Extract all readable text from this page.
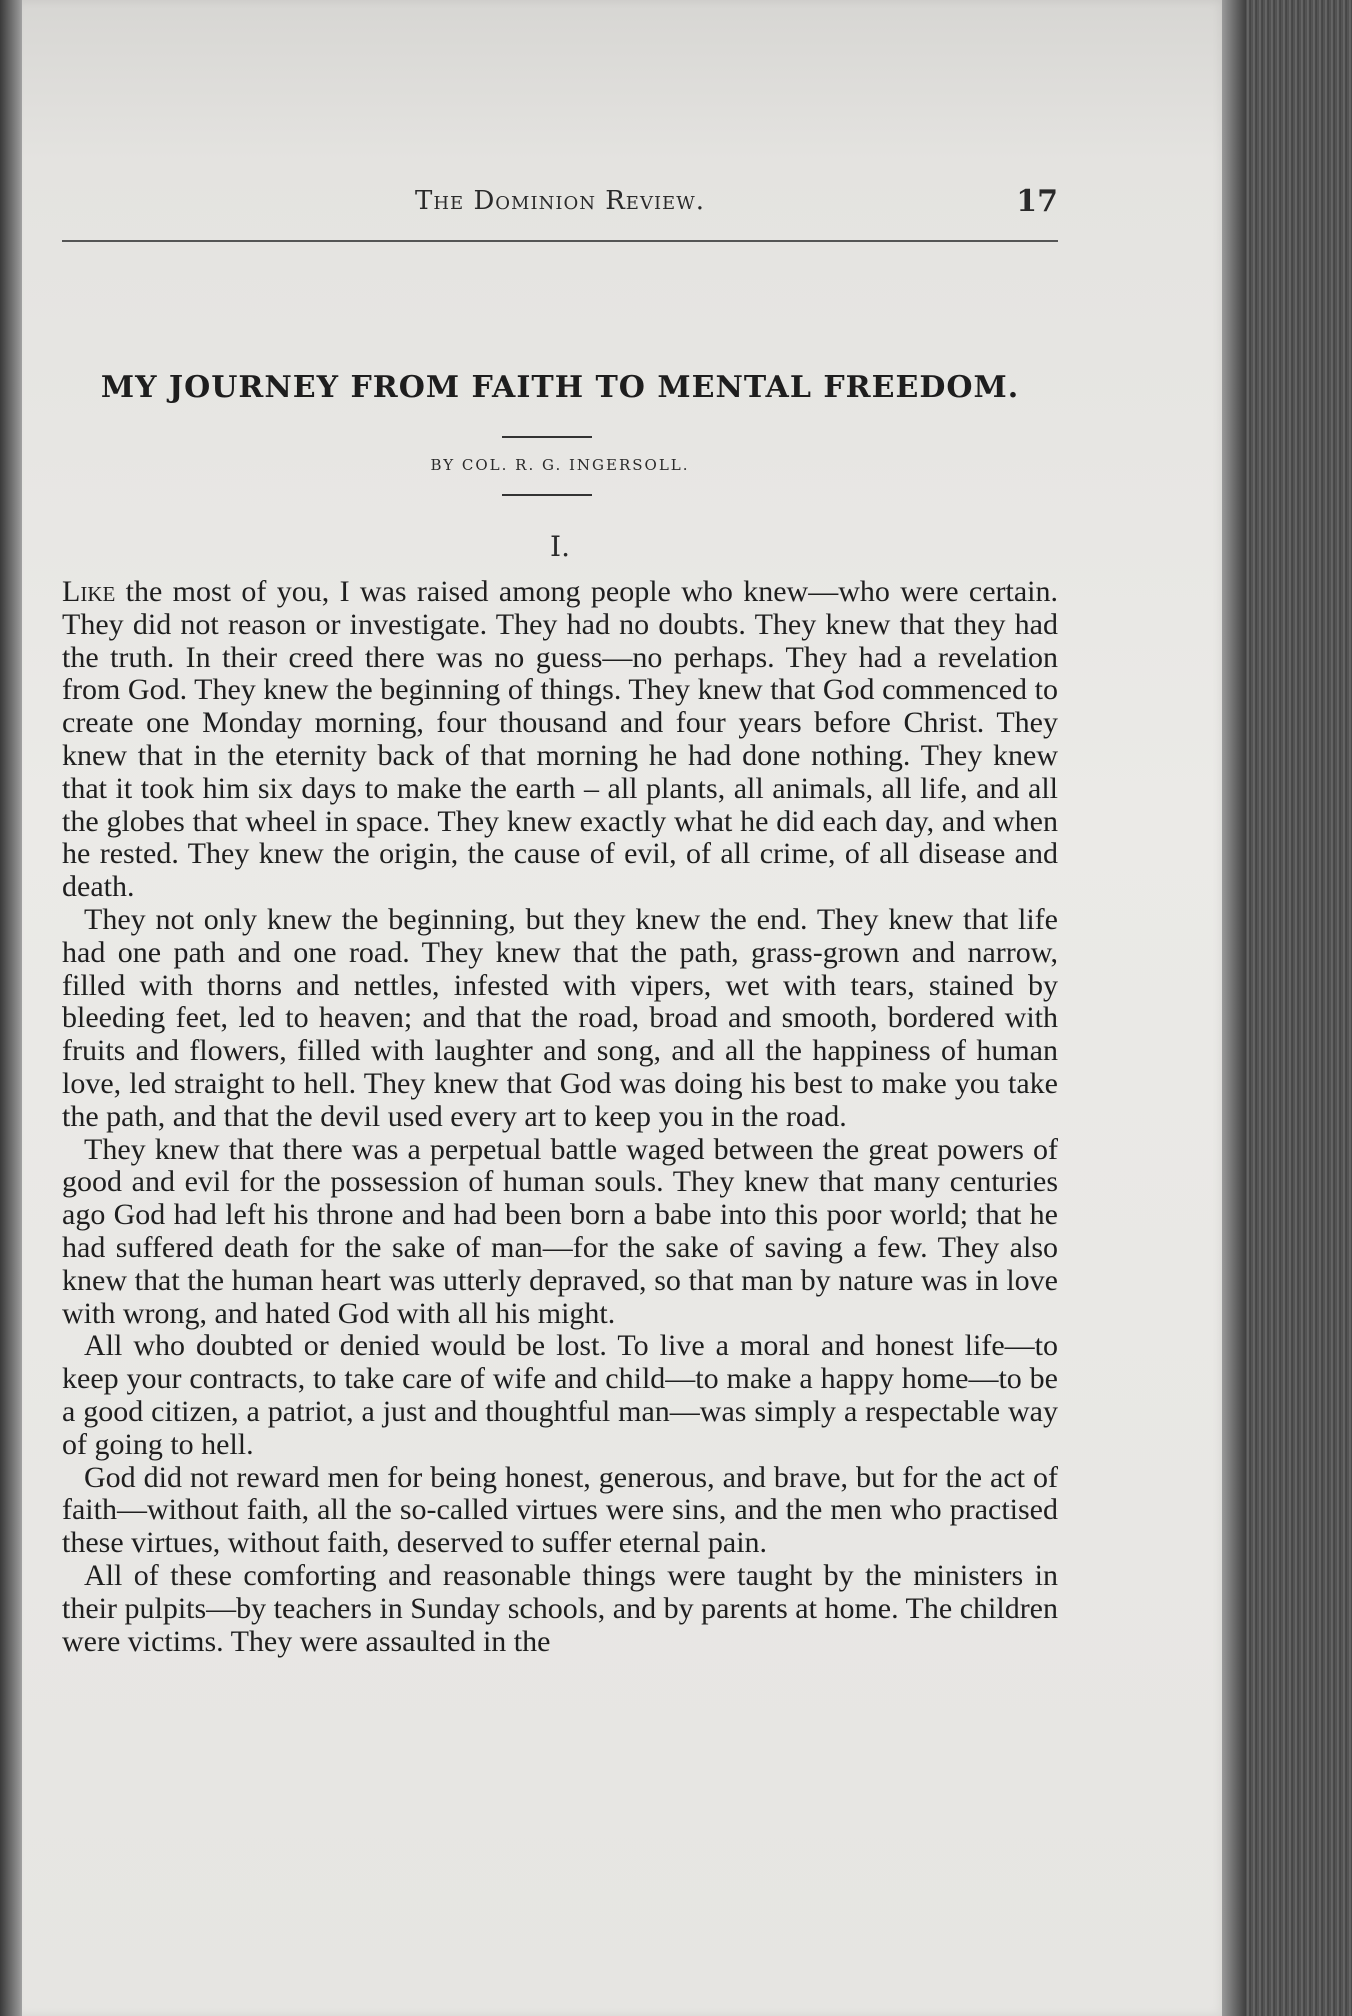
The Dominion Review.	17
MY JOURNEY FROM FAITH TO MENTAL FREEDOM.
BY COL. R. G. INGERSOLL.
I.

Like the most of you, I was raised among people who knew—who were certain. They did not reason or investigate. They had no doubts. They knew that they had the truth. In their creed there was no guess—no perhaps. They had a revelation from God. They knew the beginning of things. They knew that God commenced to create one Monday morning, four thousand and four years before Christ. They knew that in the eternity back of that morning he had done nothing. They knew that it took him six days to make the earth – all plants, all animals, all life, and all the globes that wheel in space. They knew exactly what he did each day, and when he rested. They knew the origin, the cause of evil, of all crime, of all disease and death.

They not only knew the beginning, but they knew the end. They knew that life had one path and one road. They knew that the path, grass-grown and narrow, filled with thorns and nettles, infested with vipers, wet with tears, stained by bleeding feet, led to heaven; and that the road, broad and smooth, bordered with fruits and flowers, filled with laughter and song, and all the happiness of human love, led straight to hell. They knew that God was doing his best to make you take the path, and that the devil used every art to keep you in the road.

They knew that there was a perpetual battle waged between the great powers of good and evil for the possession of human souls. They knew that many centuries ago God had left his throne and had been born a babe into this poor world; that he had suffered death for the sake of man—for the sake of saving a few. They also knew that the human heart was utterly depraved, so that man by nature was in love with wrong, and hated God with all his might.

All who doubted or denied would be lost. To live a moral and honest life—to keep your contracts, to take care of wife and child—to make a happy home—to be a good citizen, a patriot, a just and thoughtful man—was simply a respectable way of going to hell.

God did not reward men for being honest, generous, and brave, but for the act of faith—without faith, all the so-called virtues were sins, and the men who practised these virtues, without faith, deserved to suffer eternal pain.

All of these comforting and reasonable things were taught by the ministers in their pulpits—by teachers in Sunday schools, and by parents at home. The children were victims. They were assaulted in the
